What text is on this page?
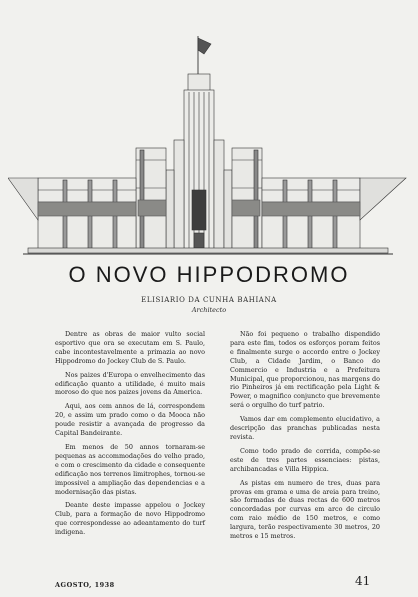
O NOVO HIPPODROMO
ELISIARIO DA CUNHA BAHIANA
Architecto

Dentre as obras de maior vulto social esportivo que ora se executam em S. Paulo, cabe incontestavelmente a primazia ao novo Hippodromo do Jockey Club de S. Paulo.

Nos paizes d'Europa o envelhecimento das edificação quanto a utilidade, é muito mais moroso do que nos paizes jovens da America.

Aqui, aos cem annos de lá, correspondem 20, e assim um prado como o da Mooca não poude resistir a avançada de progresso da Capital Bandeirante.

Em menos de 50 annos tornaram-se pequenas as accommodações do velho prado, e com o crescimento da cidade e consequente edificação nos terrenos limitrophes, tornou-se impossivel a ampliação das dependencias e a modernisação das pistas.

Deante deste impasse appelou o Jockey Club, para a formação de novo Hippodromo que correspondesse ao adeantamento do turf indigena.

Não foi pequeno o trabalho dispendido para este fim, todos os esforços poram feitos e finalmente surge o accordo entre o Jockey Club, a Cidade Jardim, o Banco do Commercio e Industria e a Prefeitura Municipal, que proporcionou, nas margens do rio Pinheiros já em rectificação pela Light & Power, o magnifico conjuncto que brevemente será o orgulho do turf patrio.

Vamos dar em complemento elucidativo, a descripção das pranchas publicadas nesta revista.

Como todo prado de corrida, compõe-se este de tres partes essenciaes: pistas, archibancadas e Villa Hippica.

As pistas em numero de tres, duas para provas em grama e uma de areia para treino, são formadas de duas rectas de 600 metros concordadas por curvas em arco de circulo com raio médio de 150 metros, e como largura, terão respectivamente 30 metros, 20 metros e 15 metros.

AGOSTO, 1938	41
